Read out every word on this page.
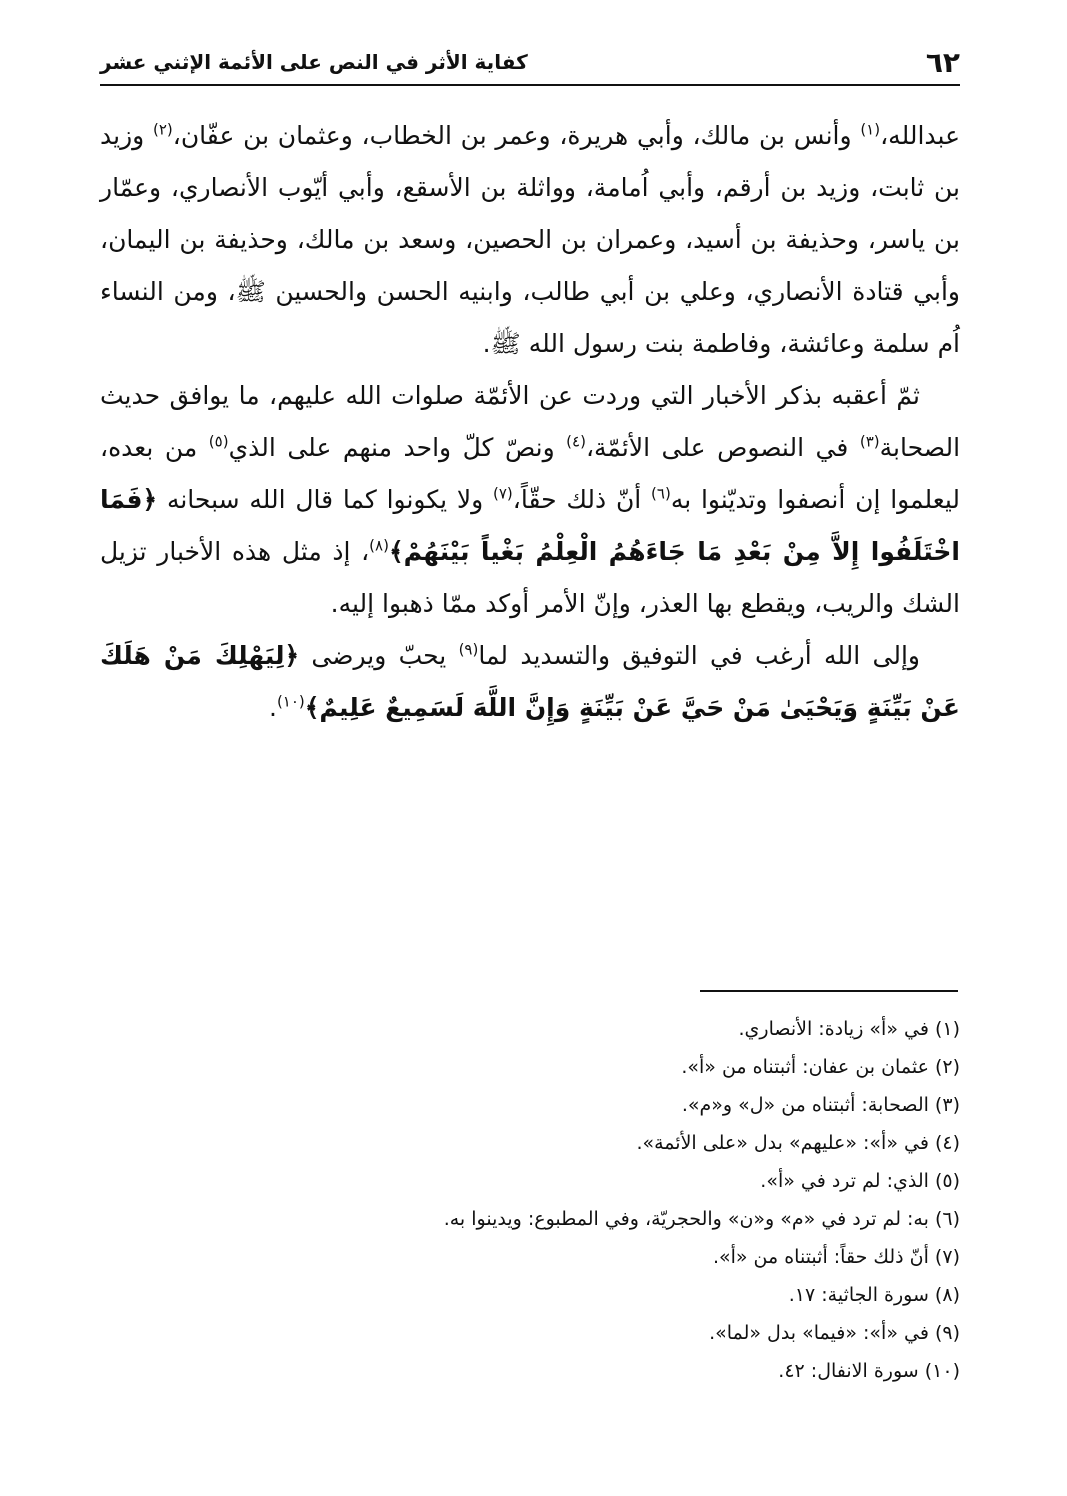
٦٢
كفاية الأثر في النص على الأئمة الإثني عشر

عبدالله،$^{(١)}$ وأنس بن مالك، وأبي هريرة، وعمر بن الخطاب، وعثمان بن عفّان،$^{(٢)}$ وزيد بن ثابت، وزيد بن أرقم، وأبي اُمامة، وواثلة بن الأسقع، وأبي أيّوب الأنصاري، وعمّار بن ياسر، وحذيفة بن أسيد، وعمران بن الحصين، وسعد بن مالك، وحذيفة بن اليمان، وأبي قتادة الأنصاري، وعلي بن أبي طالب، وابنيه الحسن والحسين ﷺ، ومن النساء اُم سلمة وعائشة، وفاطمة بنت رسول الله ﷺ.

ثمّ أعقبه بذكر الأخبار التي وردت عن الأئمّة صلوات الله عليهم، ما يوافق حديث الصحابة$^{(٣)}$ في النصوص على الأئمّة،$^{(٤)}$ ونصّ كلّ واحد منهم على الذي$^{(٥)}$ من بعده، ليعلموا إن أنصفوا وتديّنوا به$^{(٦)}$ أنّ ذلك حقّاً،$^{(٧)}$ ولا يكونوا كما قال الله سبحانه ﴿فَمَا اخْتَلَفُوا إِلاَّ مِنْ بَعْدِ مَا جَاءَهُمُ الْعِلْمُ بَغْياً بَيْنَهُمْ﴾$^{(٨)}$، إذ مثل هذه الأخبار تزيل الشك والريب، ويقطع بها العذر، وإنّ الأمر أوكد ممّا ذهبوا إليه.

وإلى الله أرغب في التوفيق والتسديد لما$^{(٩)}$ يحبّ ويرضى ﴿لِيَهْلِكَ مَنْ هَلَكَ عَنْ بَيِّنَةٍ وَيَحْيَىٰ مَنْ حَيَّ عَنْ بَيِّنَةٍ وَإِنَّ اللَّهَ لَسَمِيعٌ عَلِيمٌ﴾$^{(١٠)}$.

(١) في «أ» زيادة: الأنصاري.

(٢) عثمان بن عفان: أثبتناه من «أ».

(٣) الصحابة: أثبتناه من «ل» و«م».

(٤) في «أ»: «عليهم» بدل «على الأئمة».

(٥) الذي: لم ترد في «أ».

(٦) به: لم ترد في «م» و«ن» والحجريّة، وفي المطبوع: ويدينوا به.

(٧) أنّ ذلك حقاً: أثبتناه من «أ».

(٨) سورة الجاثية: ١٧.

(٩) في «أ»: «فيما» بدل «لما».

(١٠) سورة الانفال: ٤٢.
